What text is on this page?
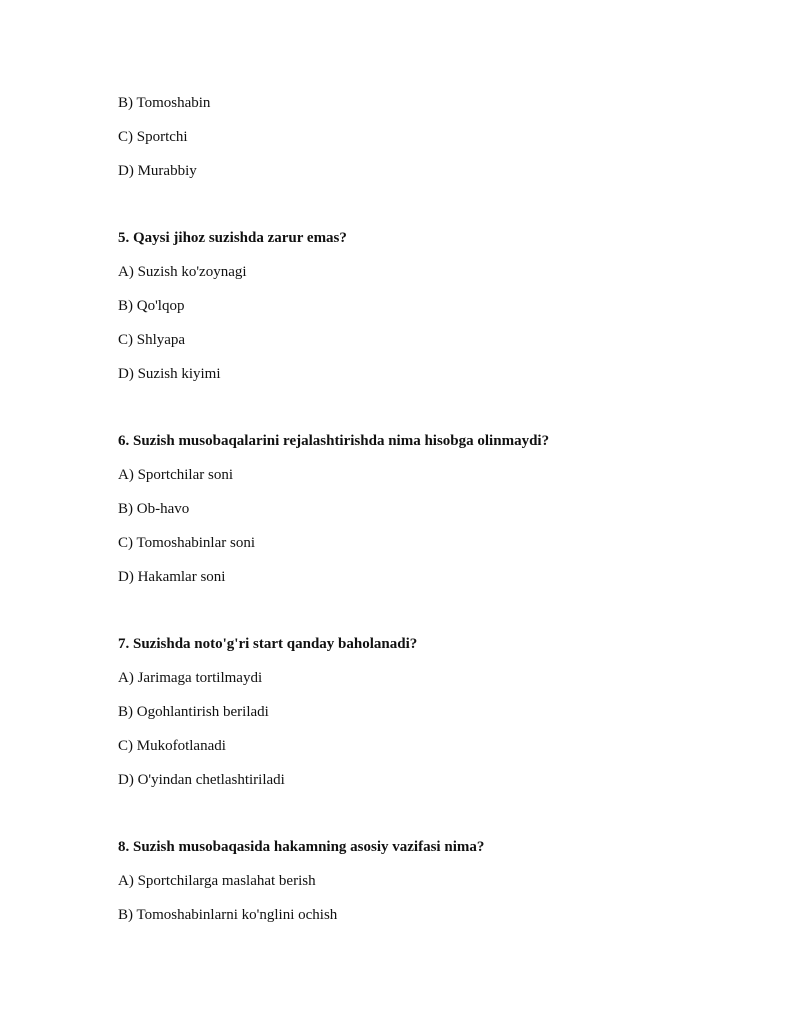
B) Tomoshabin
C) Sportchi
D) Murabbiy
5. Qaysi jihoz suzishda zarur emas?
A) Suzish ko'zoynagi
B) Qo'lqop
C) Shlyapa
D) Suzish kiyimi
6. Suzish musobaqalarini rejalashtirishda nima hisobga olinmaydi?
A) Sportchilar soni
B) Ob-havo
C) Tomoshabinlar soni
D) Hakamlar soni
7. Suzishda noto'g'ri start qanday baholanadi?
A) Jarimaga tortilmaydi
B) Ogohlantirish beriladi
C) Mukofotlanadi
D) O'yindan chetlashtiriladi
8. Suzish musobaqasida hakamning asosiy vazifasi nima?
A) Sportchilarga maslahat berish
B) Tomoshabinlarni ko'nglini ochish
